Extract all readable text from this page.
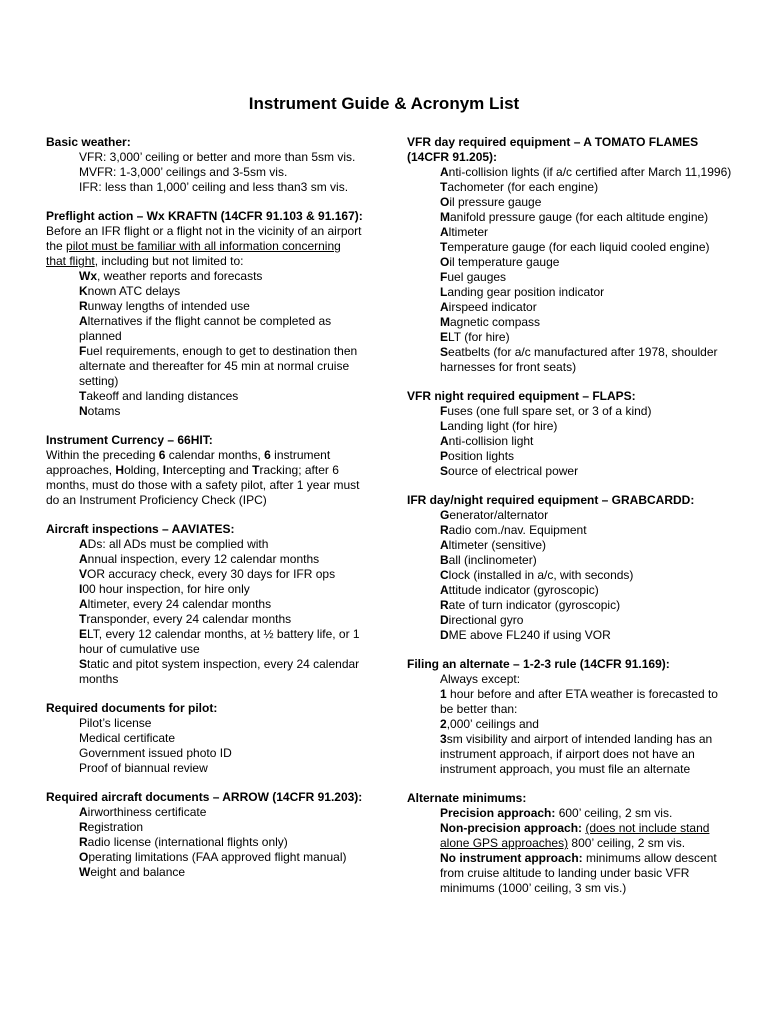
Instrument Guide & Acronym List
Basic weather:
VFR: 3,000’ ceiling or better and more than 5sm vis.
MVFR: 1-3,000’ ceilings and 3-5sm vis.
IFR: less than 1,000’ ceiling and less than3 sm vis.
Preflight action – Wx KRAFTN (14CFR 91.103 & 91.167):
Before an IFR flight or a flight not in the vicinity of an airport the pilot must be familiar with all information concerning that flight, including but not limited to:
Wx, weather reports and forecasts
Known ATC delays
Runway lengths of intended use
Alternatives if the flight cannot be completed as planned
Fuel requirements, enough to get to destination then alternate and thereafter for 45 min at normal cruise setting)
Takeoff and landing distances
Notams
Instrument Currency – 66HIT:
Within the preceding 6 calendar months, 6 instrument approaches, Holding, Intercepting and Tracking; after 6 months, must do those with a safety pilot, after 1 year must do an Instrument Proficiency Check (IPC)
Aircraft inspections – AAVIATES:
ADs: all ADs must be complied with
Annual inspection, every 12 calendar months
VOR accuracy check, every 30 days for IFR ops
I00 hour inspection, for hire only
Altimeter, every 24 calendar months
Transponder, every 24 calendar months
ELT, every 12 calendar months, at ½ battery life, or 1 hour of cumulative use
Static and pitot system inspection, every 24 calendar months
Required documents for pilot:
Pilot’s license
Medical certificate
Government issued photo ID
Proof of biannual review
Required aircraft documents – ARROW (14CFR 91.203):
Airworthiness certificate
Registration
Radio license (international flights only)
Operating limitations (FAA approved flight manual)
Weight and balance
VFR day required equipment – A TOMATO FLAMES (14CFR 91.205):
Anti-collision lights (if a/c certified after March 11,1996)
Tachometer (for each engine)
Oil pressure gauge
Manifold pressure gauge (for each altitude engine)
Altimeter
Temperature gauge (for each liquid cooled engine)
Oil temperature gauge
Fuel gauges
Landing gear position indicator
Airspeed indicator
Magnetic compass
ELT (for hire)
Seatbelts (for a/c manufactured after 1978, shoulder harnesses for front seats)
VFR night required equipment – FLAPS:
Fuses (one full spare set, or 3 of a kind)
Landing light (for hire)
Anti-collision light
Position lights
Source of electrical power
IFR day/night required equipment – GRABCARDD:
Generator/alternator
Radio com./nav. Equipment
Altimeter (sensitive)
Ball (inclinometer)
Clock (installed in a/c, with seconds)
Attitude indicator (gyroscopic)
Rate of turn indicator (gyroscopic)
Directional gyro
DME above FL240 if using VOR
Filing an alternate – 1-2-3 rule (14CFR 91.169):
Always except:
1 hour before and after ETA weather is forecasted to be better than:
2,000’ ceilings and
3sm visibility and airport of intended landing has an instrument approach, if airport does not have an instrument approach, you must file an alternate
Alternate minimums:
Precision approach: 600’ ceiling, 2 sm vis.
Non-precision approach: (does not include stand alone GPS approaches) 800’ ceiling, 2 sm vis.
No instrument approach: minimums allow descent from cruise altitude to landing under basic VFR minimums (1000’ ceiling, 3 sm vis.)
